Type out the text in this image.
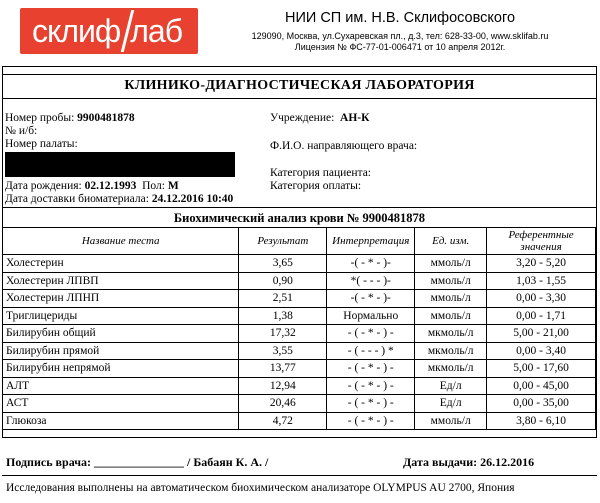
склиф лаб	НИИ СП им. Н.В. Склифосовского
129090, Москва, ул.Сухаревская пл., д.3, тел: 628-33-00, www.sklifab.ru
Лицензия № ФС-77-01-006471 от 10 апреля 2012г.
КЛИНИКО-ДИАГНОСТИЧЕСКАЯ ЛАБОРАТОРИЯ
Номер пробы: 9900481878
№ и/б:
Номер палаты:
Дата рождения: 02.12.1993 Пол: М
Дата доставки биоматериала: 24.12.2016 10:40
Учреждение: АН-К
Ф.И.О. направляющего врача:
Категория пациента:
Категория оплаты:
Биохимический анализ крови № 9900481878
Название теста	Результат	Интерпретация	Ед. изм.	Референтные значения
Холестерин	3,65	-( - * - )-	ммоль/л	3,20 - 5,20
Холестерин ЛПВП	0,90	*( - - - )-	ммоль/л	1,03 - 1,55
Холестерин ЛПНП	2,51	-( - * - )-	ммоль/л	0,00 - 3,30
Триглицериды	1,38	Нормально	ммоль/л	0,00 - 1,71
Билирубин общий	17,32	- ( - * - ) -	мкмоль/л	5,00 - 21,00
Билирубин прямой	3,55	- ( - - - ) *	мкмоль/л	0,00 - 3,40
Билирубин непрямой	13,77	- ( - * - ) -	мкмоль/л	5,00 - 17,60
АЛТ	12,94	- ( - * - ) -	Ед/л	0,00 - 45,00
АСТ	20,46	- ( - * - ) -	Ед/л	0,00 - 35,00
Глюкоза	4,72	- ( - * - ) -	ммоль/л	3,80 - 6,10
Подпись врача: _______________ / Бабаян К. А. /	Дата выдачи: 26.12.2016
Исследования выполнены на автоматическом биохимическом анализаторе OLYMPUS AU 2700, Япония
